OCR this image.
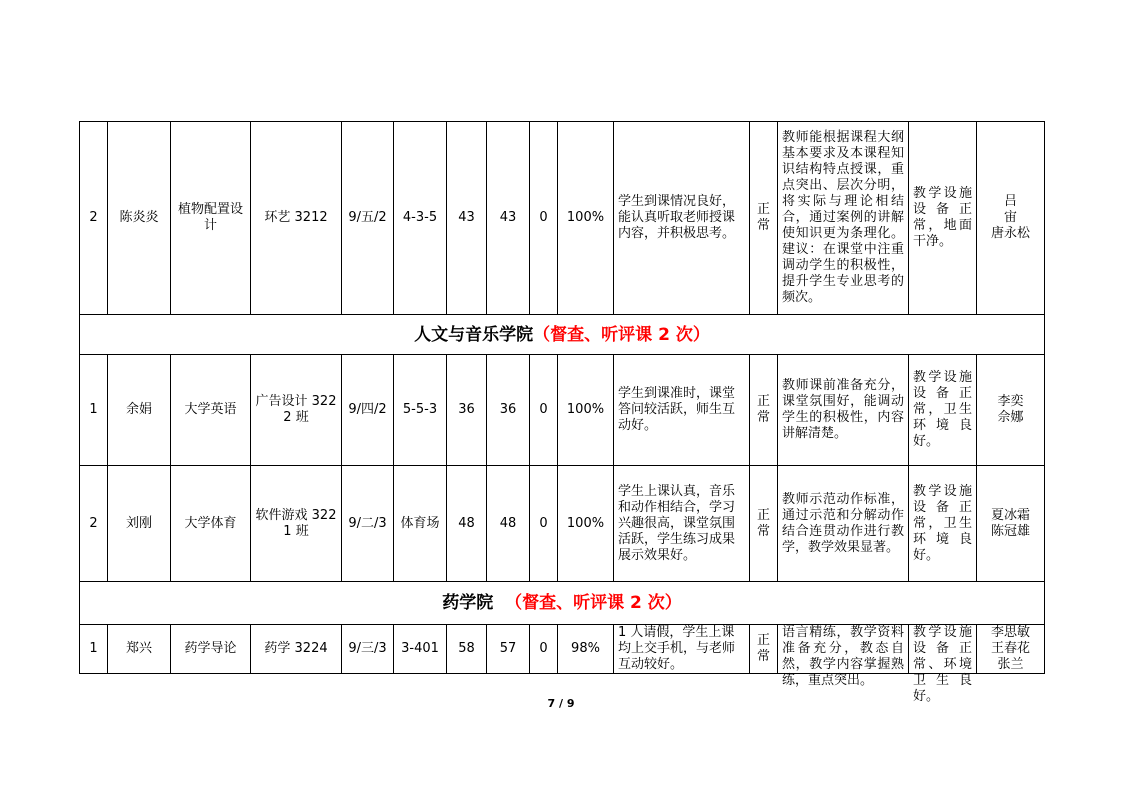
2	陈炎炎	植物配置设计	环艺 3212	9/五/2	4-3-5	43	43	0	100%	学生到课情况良好，能认真听取老师授课内容，并积极思考。	正常	教师能根据课程大纲基本要求及本课程知识结构特点授课，重点突出、层次分明，将实际与理论相结合，通过案例的讲解使知识更为条理化。建议：在课堂中注重调动学生的积极性，提升学生专业思考的频次。	教学设施设备正常，地面干净。	吕
宙
唐永松

人文与音乐学院（督查、听评课 2 次）														
1	余娟	大学英语	广告设计 3222 班	9/四/2	5-5-3	36	36	0	100%	学生到课准时，课堂答问较活跃，师生互动好。	正常	教师课前准备充分，课堂氛围好，能调动学生的积极性，内容讲解清楚。	教学设施设备正常，卫生环境良好。	李奕
佘娜

2	刘刚	大学体育	软件游戏 3221 班	9/二/3	体育场	48	48	0	100%	学生上课认真，音乐和动作相结合，学习兴趣很高，课堂氛围活跃，学生练习成果展示效果好。	正常	教师示范动作标准，通过示范和分解动作结合连贯动作进行教学，教学效果显著。	教学设施设备正常，卫生环境良好。	夏冰霜
陈冠雄

药学院 （督查、听评课 2 次）														
1	郑兴	药学导论	药学 3224	9/三/3	3-401	58	57	0	98%	1 人请假，学生上课均上交手机，与老师互动较好。	正常	语言精练，教学资料准备充分，教态自然，教学内容掌握熟练，重点突出。	教学设施设备正常、环境卫生良好。	李思敏
王春花
张兰
7 / 9
